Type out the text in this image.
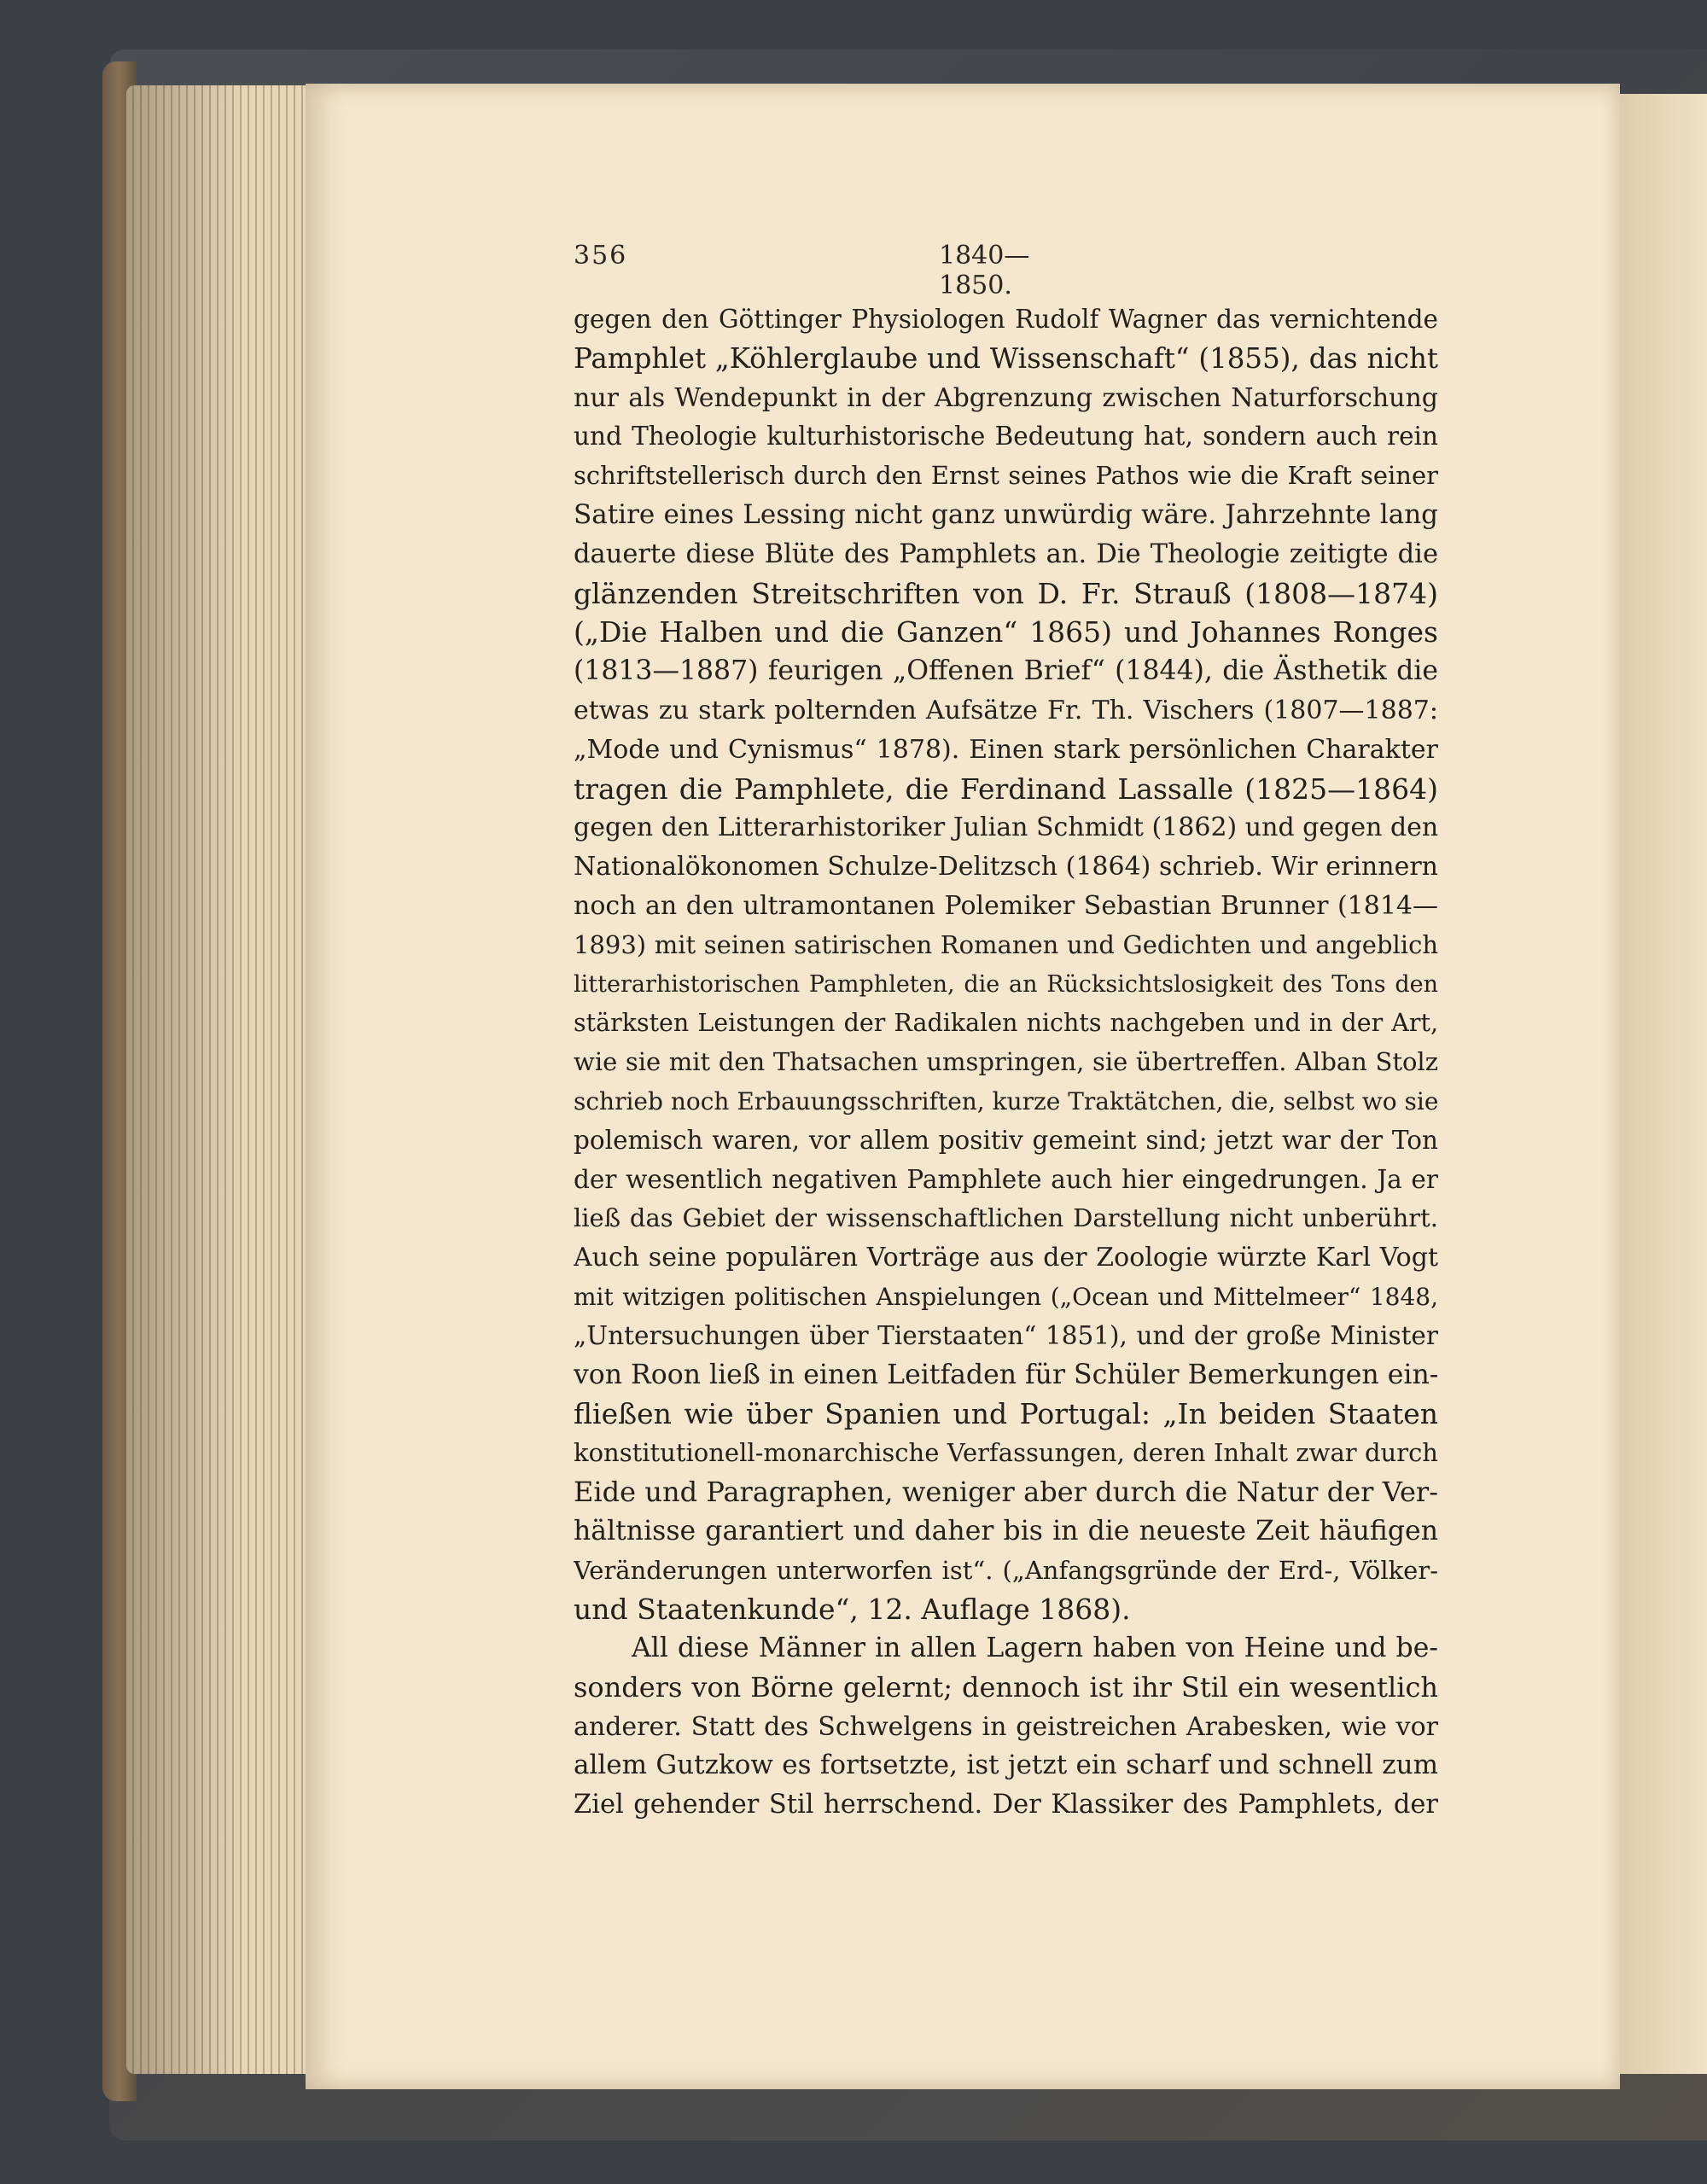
356	1840—1850.
gegen den Göttinger Physiologen Rudolf Wagner das vernichtende
Pamphlet „Köhlerglaube und Wissenschaft“ (1855), das nicht
nur als Wendepunkt in der Abgrenzung zwischen Naturforschung
und Theologie kulturhistorische Bedeutung hat, sondern auch rein
schriftstellerisch durch den Ernst seines Pathos wie die Kraft seiner
Satire eines Lessing nicht ganz unwürdig wäre. Jahrzehnte lang
dauerte diese Blüte des Pamphlets an. Die Theologie zeitigte die
glänzenden Streitschriften von D. Fr. Strauß (1808—1874)
(„Die Halben und die Ganzen“ 1865) und Johannes Ronges
(1813—1887) feurigen „Offenen Brief“ (1844), die Ästhetik die
etwas zu stark polternden Aufsätze Fr. Th. Vischers (1807—1887:
„Mode und Cynismus“ 1878). Einen stark persönlichen Charakter
tragen die Pamphlete, die Ferdinand Lassalle (1825—1864)
gegen den Litterarhistoriker Julian Schmidt (1862) und gegen den
Nationalökonomen Schulze-Delitzsch (1864) schrieb. Wir erinnern
noch an den ultramontanen Polemiker Sebastian Brunner (1814—
1893) mit seinen satirischen Romanen und Gedichten und angeblich
litterarhistorischen Pamphleten, die an Rücksichtslosigkeit des Tons den
stärksten Leistungen der Radikalen nichts nachgeben und in der Art,
wie sie mit den Thatsachen umspringen, sie übertreffen. Alban Stolz
schrieb noch Erbauungsschriften, kurze Traktätchen, die, selbst wo sie
polemisch waren, vor allem positiv gemeint sind; jetzt war der Ton
der wesentlich negativen Pamphlete auch hier eingedrungen. Ja er
ließ das Gebiet der wissenschaftlichen Darstellung nicht unberührt.
Auch seine populären Vorträge aus der Zoologie würzte Karl Vogt
mit witzigen politischen Anspielungen („Ocean und Mittelmeer“ 1848,
„Untersuchungen über Tierstaaten“ 1851), und der große Minister
von Roon ließ in einen Leitfaden für Schüler Bemerkungen ein-
fließen wie über Spanien und Portugal: „In beiden Staaten
konstitutionell-monarchische Verfassungen, deren Inhalt zwar durch
Eide und Paragraphen, weniger aber durch die Natur der Ver-
hältnisse garantiert und daher bis in die neueste Zeit häufigen
Veränderungen unterworfen ist“. („Anfangsgründe der Erd-, Völker-
und Staatenkunde“, 12. Auflage 1868).
All diese Männer in allen Lagern haben von Heine und be-
sonders von Börne gelernt; dennoch ist ihr Stil ein wesentlich
anderer. Statt des Schwelgens in geistreichen Arabesken, wie vor
allem Gutzkow es fortsetzte, ist jetzt ein scharf und schnell zum
Ziel gehender Stil herrschend. Der Klassiker des Pamphlets, der
